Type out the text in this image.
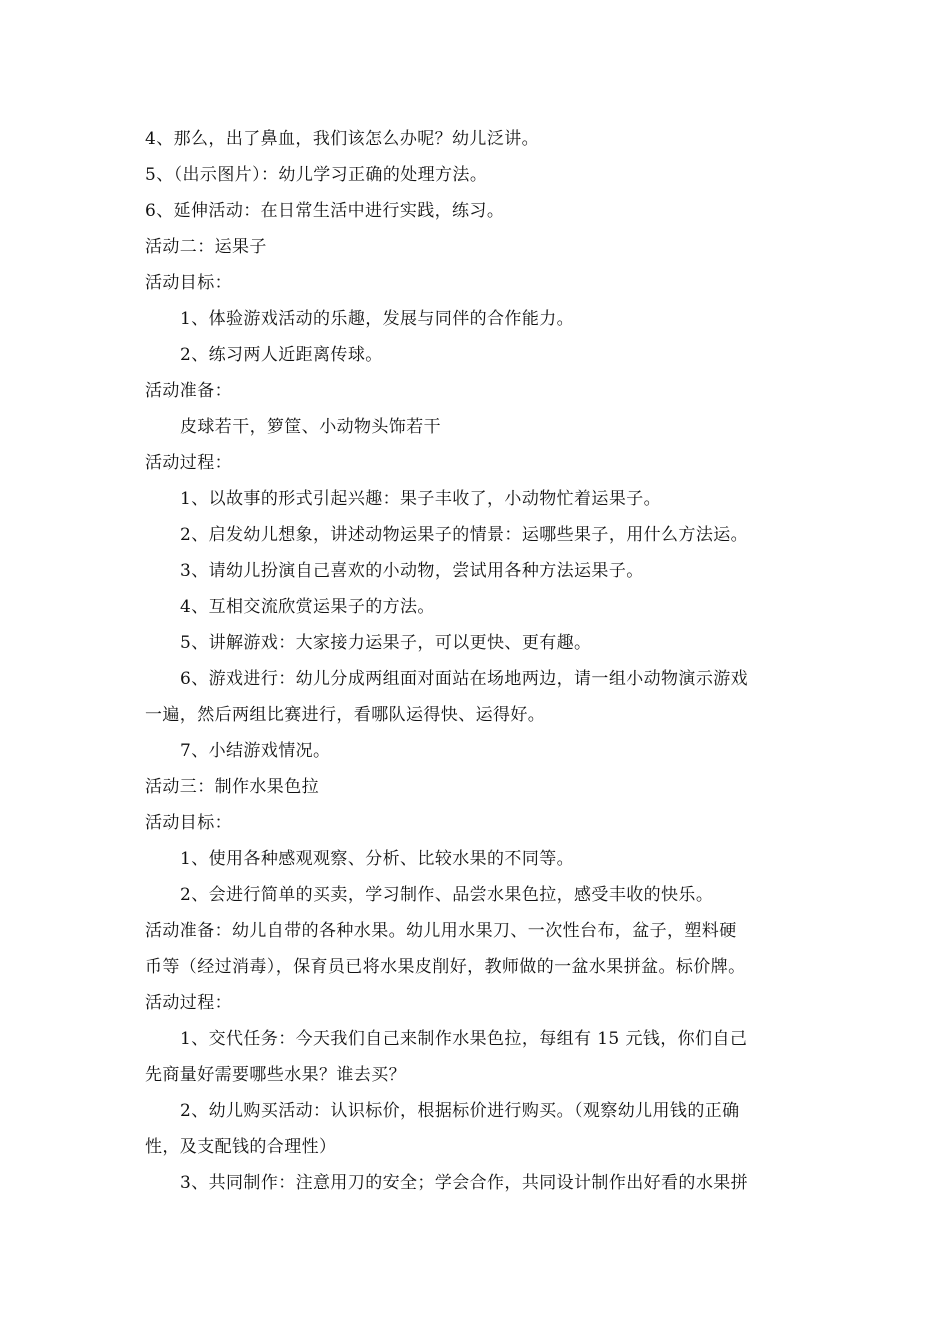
4、那么，出了鼻血，我们该怎么办呢？幼儿泛讲。
5、（出示图片）：幼儿学习正确的处理方法。
6、延伸活动：在日常生活中进行实践，练习。
活动二：运果子
活动目标：
1、体验游戏活动的乐趣，发展与同伴的合作能力。
2、练习两人近距离传球。
活动准备：
皮球若干，箩筐、小动物头饰若干
活动过程：
1、以故事的形式引起兴趣：果子丰收了，小动物忙着运果子。
2、启发幼儿想象，讲述动物运果子的情景：运哪些果子，用什么方法运。
3、请幼儿扮演自己喜欢的小动物，尝试用各种方法运果子。
4、互相交流欣赏运果子的方法。
5、讲解游戏：大家接力运果子，可以更快、更有趣。
6、游戏进行：幼儿分成两组面对面站在场地两边，请一组小动物演示游戏
一遍，然后两组比赛进行，看哪队运得快、运得好。
7、小结游戏情况。
活动三：制作水果色拉
活动目标：
1、使用各种感观观察、分析、比较水果的不同等。
2、会进行简单的买卖，学习制作、品尝水果色拉，感受丰收的快乐。
活动准备：幼儿自带的各种水果。幼儿用水果刀、一次性台布，盆子，塑料硬
币等（经过消毒），保育员已将水果皮削好，教师做的一盆水果拼盆。标价牌。
活动过程：
1、交代任务：今天我们自己来制作水果色拉，每组有 15 元钱，你们自己
先商量好需要哪些水果？谁去买？
2、幼儿购买活动：认识标价，根据标价进行购买。（观察幼儿用钱的正确
性，及支配钱的合理性）
3、共同制作：注意用刀的安全；学会合作，共同设计制作出好看的水果拼
